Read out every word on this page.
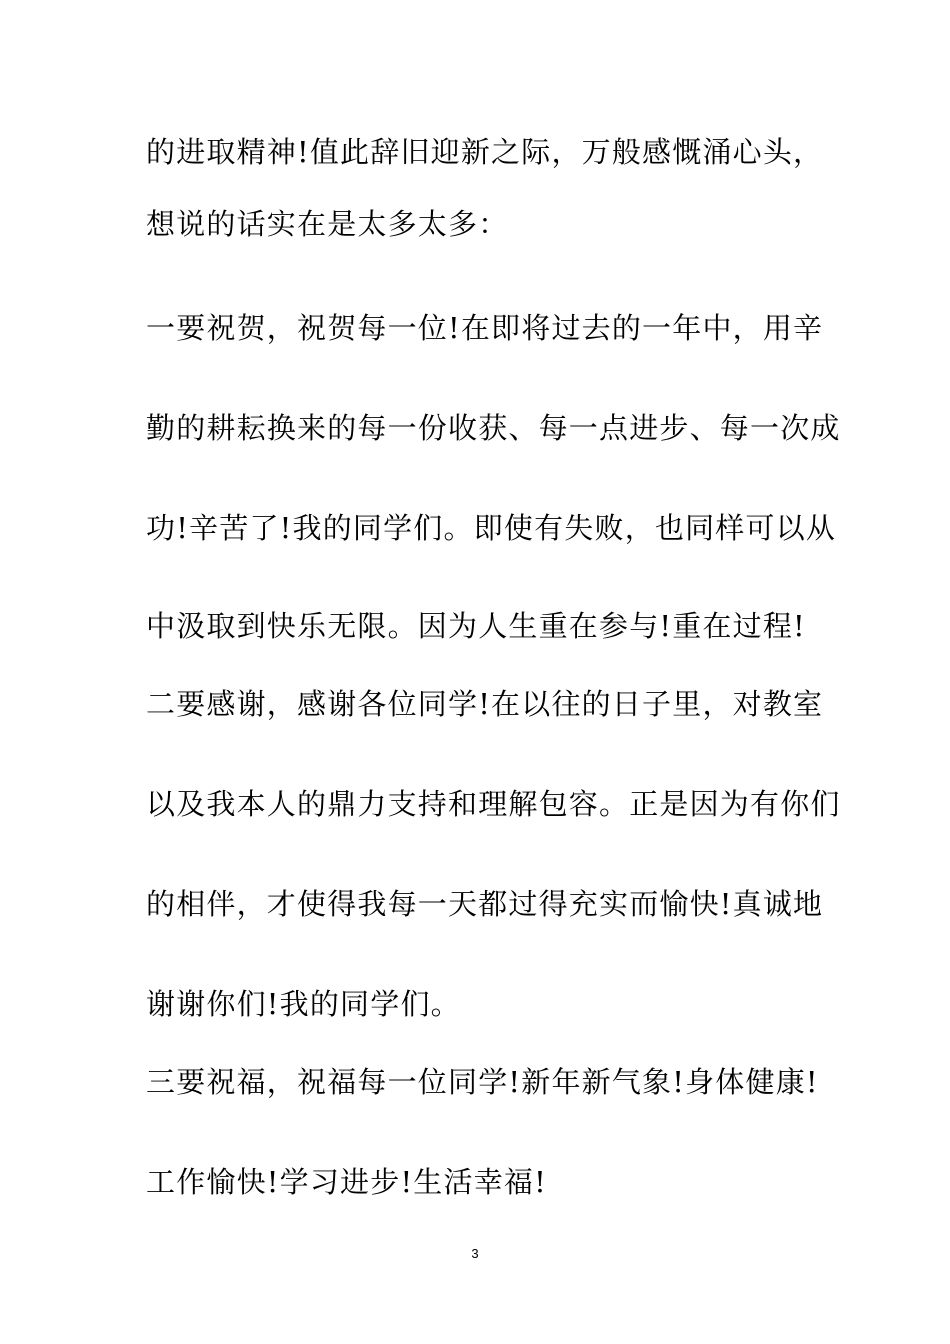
的进取精神!值此辞旧迎新之际，万般感慨涌心头，
想说的话实在是太多太多：
一要祝贺，祝贺每一位!在即将过去的一年中，用辛
勤的耕耘换来的每一份收获、每一点进步、每一次成
功!辛苦了!我的同学们。即使有失败，也同样可以从
中汲取到快乐无限。因为人生重在参与!重在过程!
二要感谢，感谢各位同学!在以往的日子里，对教室
以及我本人的鼎力支持和理解包容。正是因为有你们
的相伴，才使得我每一天都过得充实而愉快!真诚地
谢谢你们!我的同学们。
三要祝福，祝福每一位同学!新年新气象!身体健康!
工作愉快!学习进步!生活幸福!
3
